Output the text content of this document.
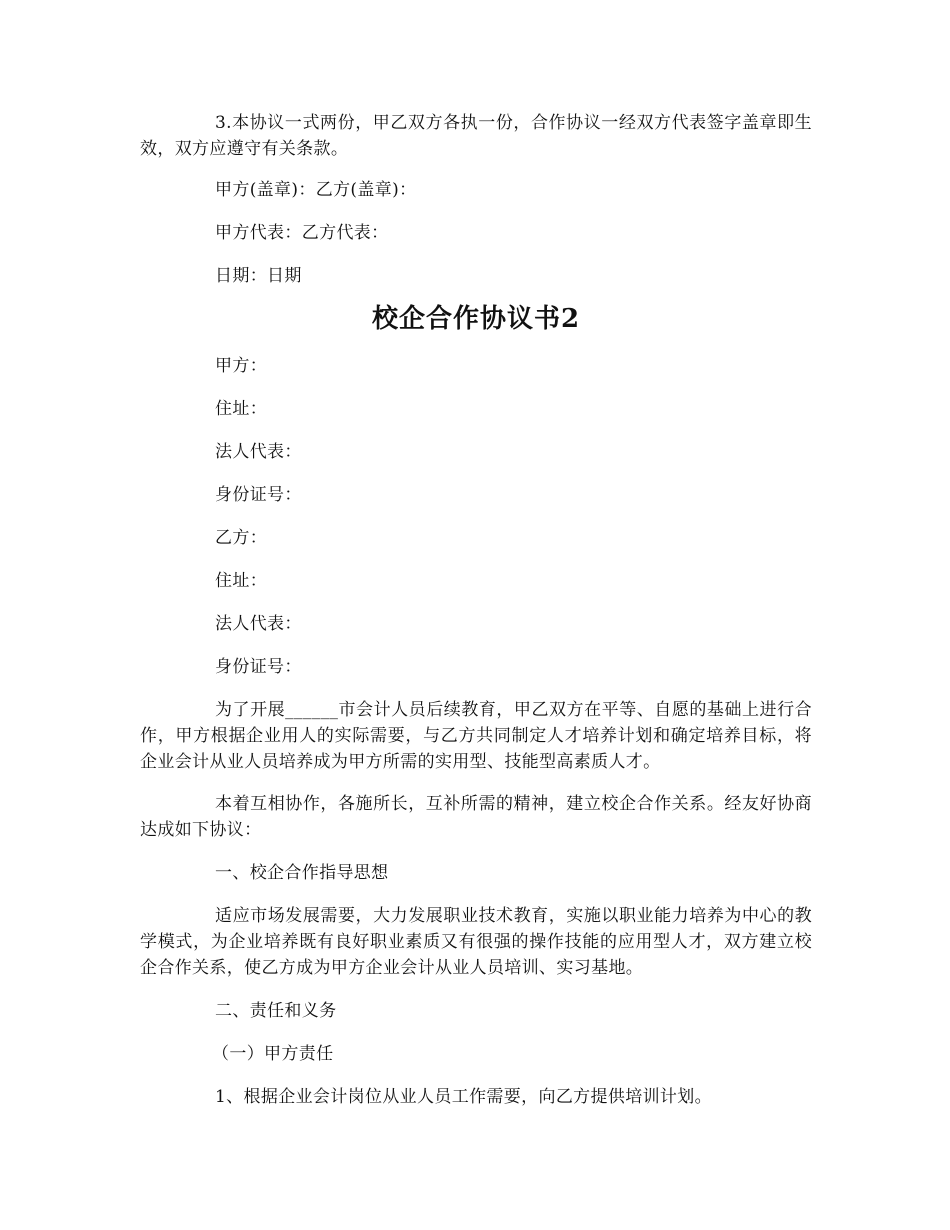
3.本协议一式两份，甲乙双方各执一份，合作协议一经双方代表签字盖章即生效，双方应遵守有关条款。

甲方(盖章)：乙方(盖章)：

甲方代表：乙方代表：

日期：日期

校企合作协议书2

甲方：

住址：

法人代表：

身份证号：

乙方：

住址：

法人代表：

身份证号：

为了开展______市会计人员后续教育，甲乙双方在平等、自愿的基础上进行合作，甲方根据企业用人的实际需要，与乙方共同制定人才培养计划和确定培养目标，将企业会计从业人员培养成为甲方所需的实用型、技能型高素质人才。

本着互相协作，各施所长，互补所需的精神，建立校企合作关系。经友好协商达成如下协议：

一、校企合作指导思想

适应市场发展需要，大力发展职业技术教育，实施以职业能力培养为中心的教学模式，为企业培养既有良好职业素质又有很强的操作技能的应用型人才，双方建立校企合作关系，使乙方成为甲方企业会计从业人员培训、实习基地。

二、责任和义务

（一）甲方责任

1、根据企业会计岗位从业人员工作需要，向乙方提供培训计划。
